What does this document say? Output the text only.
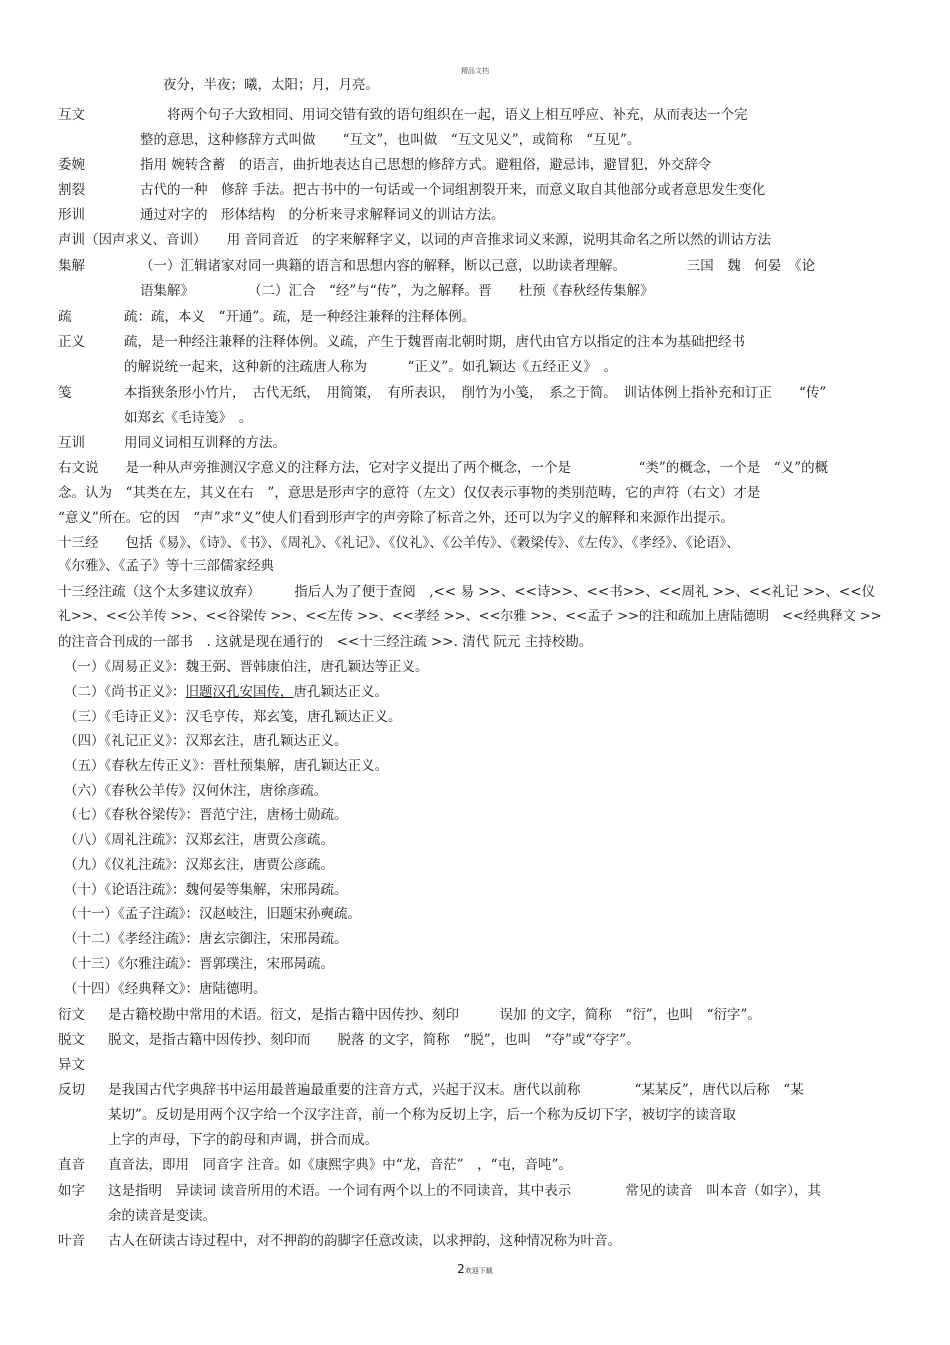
精品文档
夜分，半夜；曦，太阳；月，月亮。
互文	将两个句子大致相同、用词交错有致的语句组织在一起，语义上相互呼应、补充，从而表达一个完
整的意思，这种修辞方式叫做　　“互文”，也叫做　“互文见义”，或简称　“互见”。
委婉	指用 婉转含蓄　的语言，曲折地表达自己思想的修辞方式。避粗俗，避忌讳，避冒犯，外交辞令
割裂	古代的一种　修辞 手法。把古书中的一句话或一个词组割裂开来，而意义取自其他部分或者意思发生变化
形训	通过对字的　形体结构　的分析来寻求解释词义的训诂方法。
声训（因声求义、音训）　　用 音同音近　的字来解释字义，以词的声音推求词义来源，说明其命名之所以然的训诂方法
集解	（一）汇辑诸家对同一典籍的语言和思想内容的解释，断以己意，以助读者理解。　　　　　三国　魏　何晏　《论
语集解》　　　　　（二）汇合　“经”与“传”，为之解释。晋　　杜预《春秋经传集解》
疏	疏：疏，本义　“开通”。疏，是一种经注兼释的注释体例。
正义	疏，是一种经注兼释的注释体例。义疏，产生于魏晋南北朝时期，唐代由官方以指定的注本为基础把经书
的解说统一起来，这种新的注疏唐人称为　　　“正义”。如孔颖达《五经正义》　。
笺	本指狭条形小竹片，　古代无纸，　用简策，　有所表识，　削竹为小笺，　系之于简。　训诂体例上指补充和订正　　“传”
如郑玄《毛诗笺》　。
互训	用同义词相互训释的方法。
右文说　　是一种从声旁推测汉字意义的注释方法，它对字义提出了两个概念，一个是　　　　　“类”的概念，一个是　“义”的概
念。认为　“其类在左，其义在右　”，意思是形声字的意符（左文）仅仅表示事物的类别范畴，它的声符（右文）才是
“意义”所在。它的因　“声”求“义”使人们看到形声字的声旁除了标音之外，还可以为字义的解释和来源作出提示。
十三经　　包括《易》、《诗》、《书》、《周礼》、《礼记》、《仪礼》、《公羊传》、《穀梁传》、《左传》、《孝经》、《论语》、
《尔雅》、《孟子》等十三部儒家经典
十三经注疏（这个太多建议放弃）　　　指后人为了便于查阅　,<< 易 >>、<<诗>>、<<书>>、<<周礼 >>、<<礼记 >>、<<仪
礼>>、<<公羊传 >>、<<谷梁传 >>、<<左传 >>、<<孝经 >>、<<尔雅 >>、<<孟子 >>的注和疏加上唐陆德明　<<经典释文 >>
的注音合刊成的一部书　. 这就是现在通行的　<<十三经注疏 >>. 清代 阮元 主持校勘。
（一）《周易正义》：魏王弼、晋韩康伯注，唐孔颖达等正义。
（二）《尚书正义》：旧题汉孔安国传，唐孔颖达正义。
（三）《毛诗正义》：汉毛亨传，郑玄笺，唐孔颖达正义。
（四）《礼记正义》：汉郑玄注，唐孔颖达正义。
（五）《春秋左传正义》：晋杜预集解，唐孔颖达正义。
（六）《春秋公羊传》汉何休注，唐徐彦疏。
（七）《春秋谷梁传》：晋范宁注，唐杨士勋疏。
（八）《周礼注疏》：汉郑玄注，唐贾公彦疏。
（九）《仪礼注疏》：汉郑玄注，唐贾公彦疏。
（十）《论语注疏》：魏何晏等集解，宋邢昺疏。
（十一）《孟子注疏》：汉赵岐注，旧题宋孙奭疏。
（十二）《孝经注疏》：唐玄宗御注，宋邢昺疏。
（十三）《尔雅注疏》：晋郭璞注，宋邢昺疏。
（十四）《经典释文》：唐陆德明。
衍文 是古籍校勘中常用的术语。衍文，是指古籍中因传抄、刻印　　　误加 的文字，简称　“衍”，也叫　“衍字”。
脱文 脱文，是指古籍中因传抄、刻印而　　脱落 的文字，简称　“脱”，也叫　“夺”或“夺字”。
异文
反切 是我国古代字典辞书中运用最普遍最重要的注音方式，兴起于汉末。唐代以前称　　　　“某某反”，唐代以后称　“某
某切”。反切是用两个汉字给一个汉字注音，前一个称为反切上字，后一个称为反切下字，被切字的读音取
上字的声母，下字的韵母和声调，拼合而成。
直音 直音法，即用　同音字 注音。如《康熙字典》中“龙，音茫”　，“屯，音吨”。
如字 这是指明　异读词 读音所用的术语。一个词有两个以上的不同读音，其中表示　　　　常见的读音　叫本音（如字），其
余的读音是变读。
叶音 古人在研读古诗过程中，对不押韵的韵脚字任意改读，以求押韵，这种情况称为叶音。
2欢迎下载
